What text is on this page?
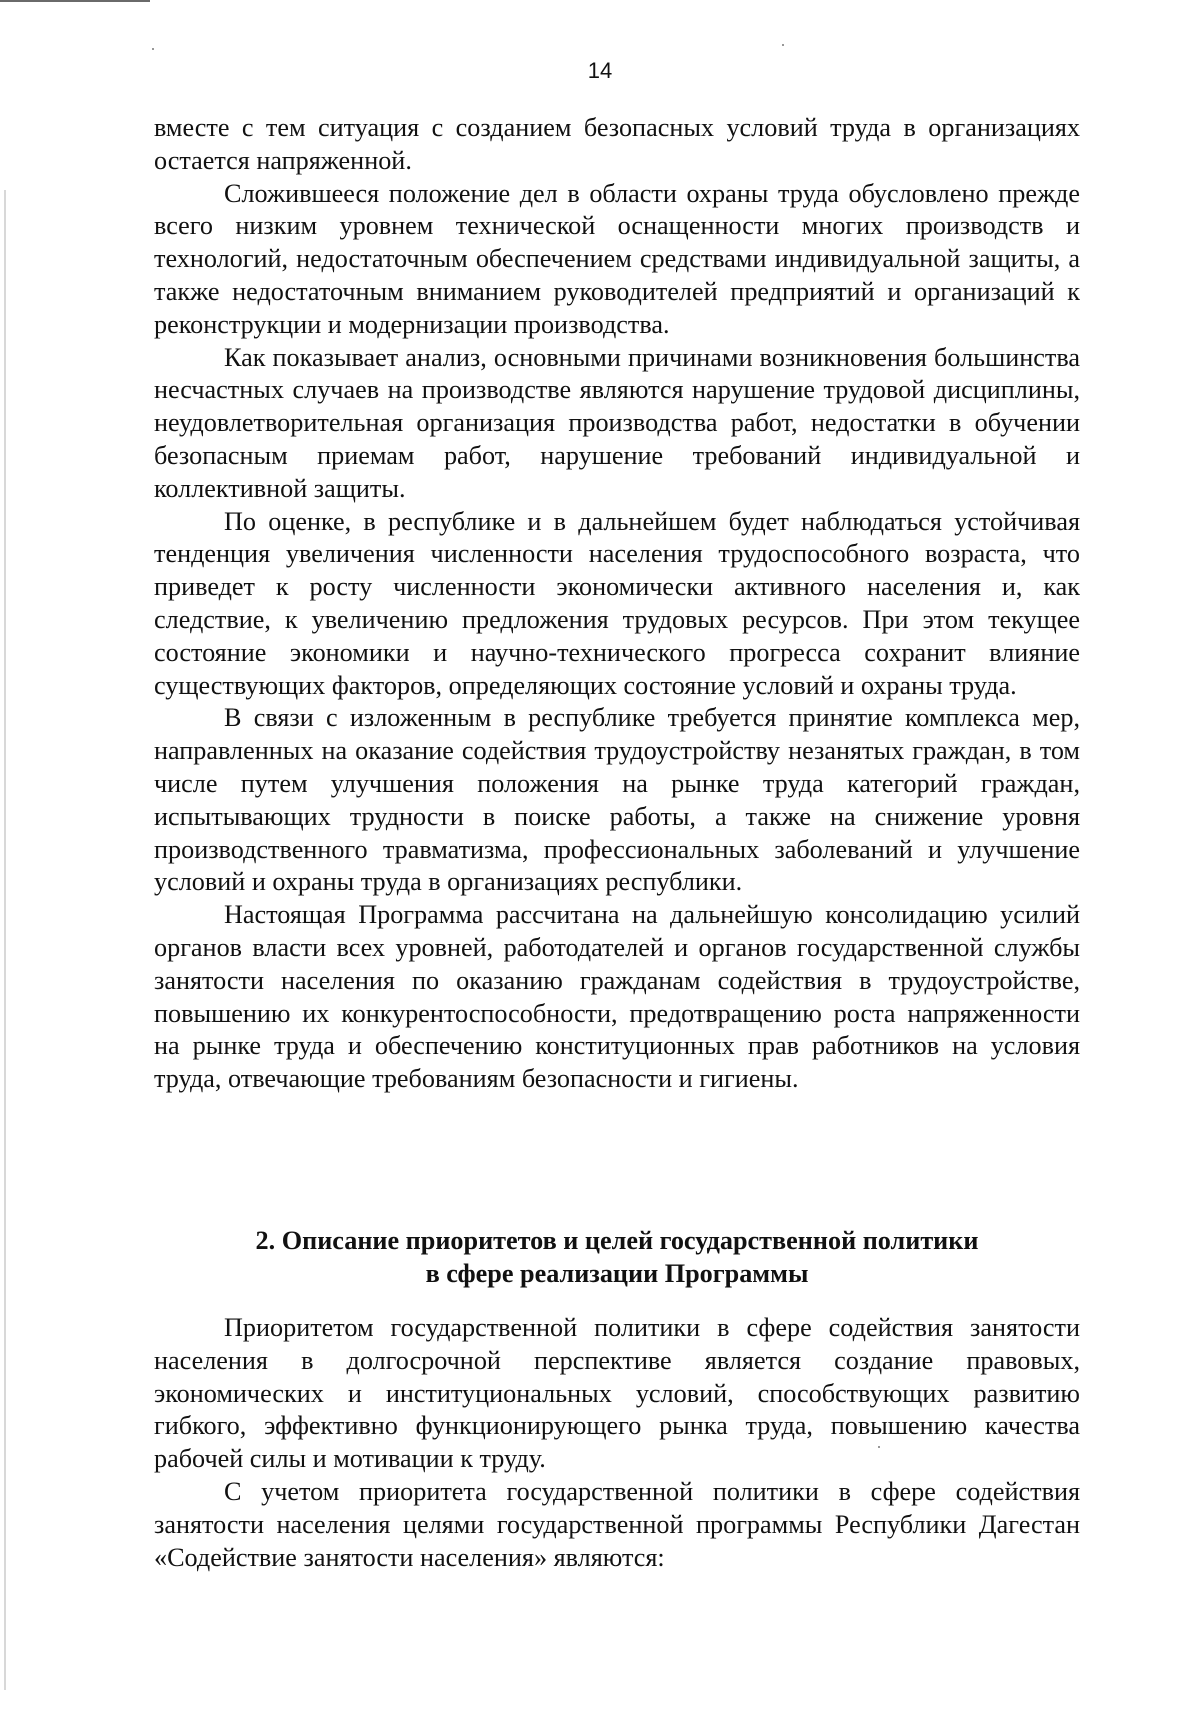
14

вместе с тем ситуация с созданием безопасных условий труда в организациях остается напряженной.

Сложившееся положение дел в области охраны труда обусловлено прежде всего низким уровнем технической оснащенности многих производств и технологий, недостаточным обеспечением средствами индивидуальной защиты, а также недостаточным вниманием руководителей предприятий и организаций к реконструкции и модернизации производства.

Как показывает анализ, основными причинами возникновения большинства несчастных случаев на производстве являются нарушение трудовой дисциплины, неудовлетворительная организация производства работ, недостатки в обучении безопасным приемам работ, нарушение требований индивидуальной и коллективной защиты.

По оценке, в республике и в дальнейшем будет наблюдаться устойчивая тенденция увеличения численности населения трудоспособного возраста, что приведет к росту численности экономически активного населения и, как следствие, к увеличению предложения трудовых ресурсов. При этом текущее состояние экономики и научно-технического прогресса сохранит влияние существующих факторов, определяющих состояние условий и охраны труда.

В связи с изложенным в республике требуется принятие комплекса мер, направленных на оказание содействия трудоустройству незанятых граждан, в том числе путем улучшения положения на рынке труда категорий граждан, испытывающих трудности в поиске работы, а также на снижение уровня производственного травматизма, профессиональных заболеваний и улучшение условий и охраны труда в организациях республики.

Настоящая Программа рассчитана на дальнейшую консолидацию усилий органов власти всех уровней, работодателей и органов государственной службы занятости населения по оказанию гражданам содействия в трудоустройстве, повышению их конкурентоспособности, предотвращению роста напряженности на рынке труда и обеспечению конституционных прав работников на условия труда, отвечающие требованиям безопасности и гигиены.

2. Описание приоритетов и целей государственной политики
в сфере реализации Программы

Приоритетом государственной политики в сфере содействия занятости населения в долгосрочной перспективе является создание правовых, экономических и институциональных условий, способствующих развитию гибкого, эффективно функционирующего рынка труда, повышению качества рабочей силы и мотивации к труду.

С учетом приоритета государственной политики в сфере содействия занятости населения целями государственной программы Республики Дагестан «Содействие занятости населения» являются:
